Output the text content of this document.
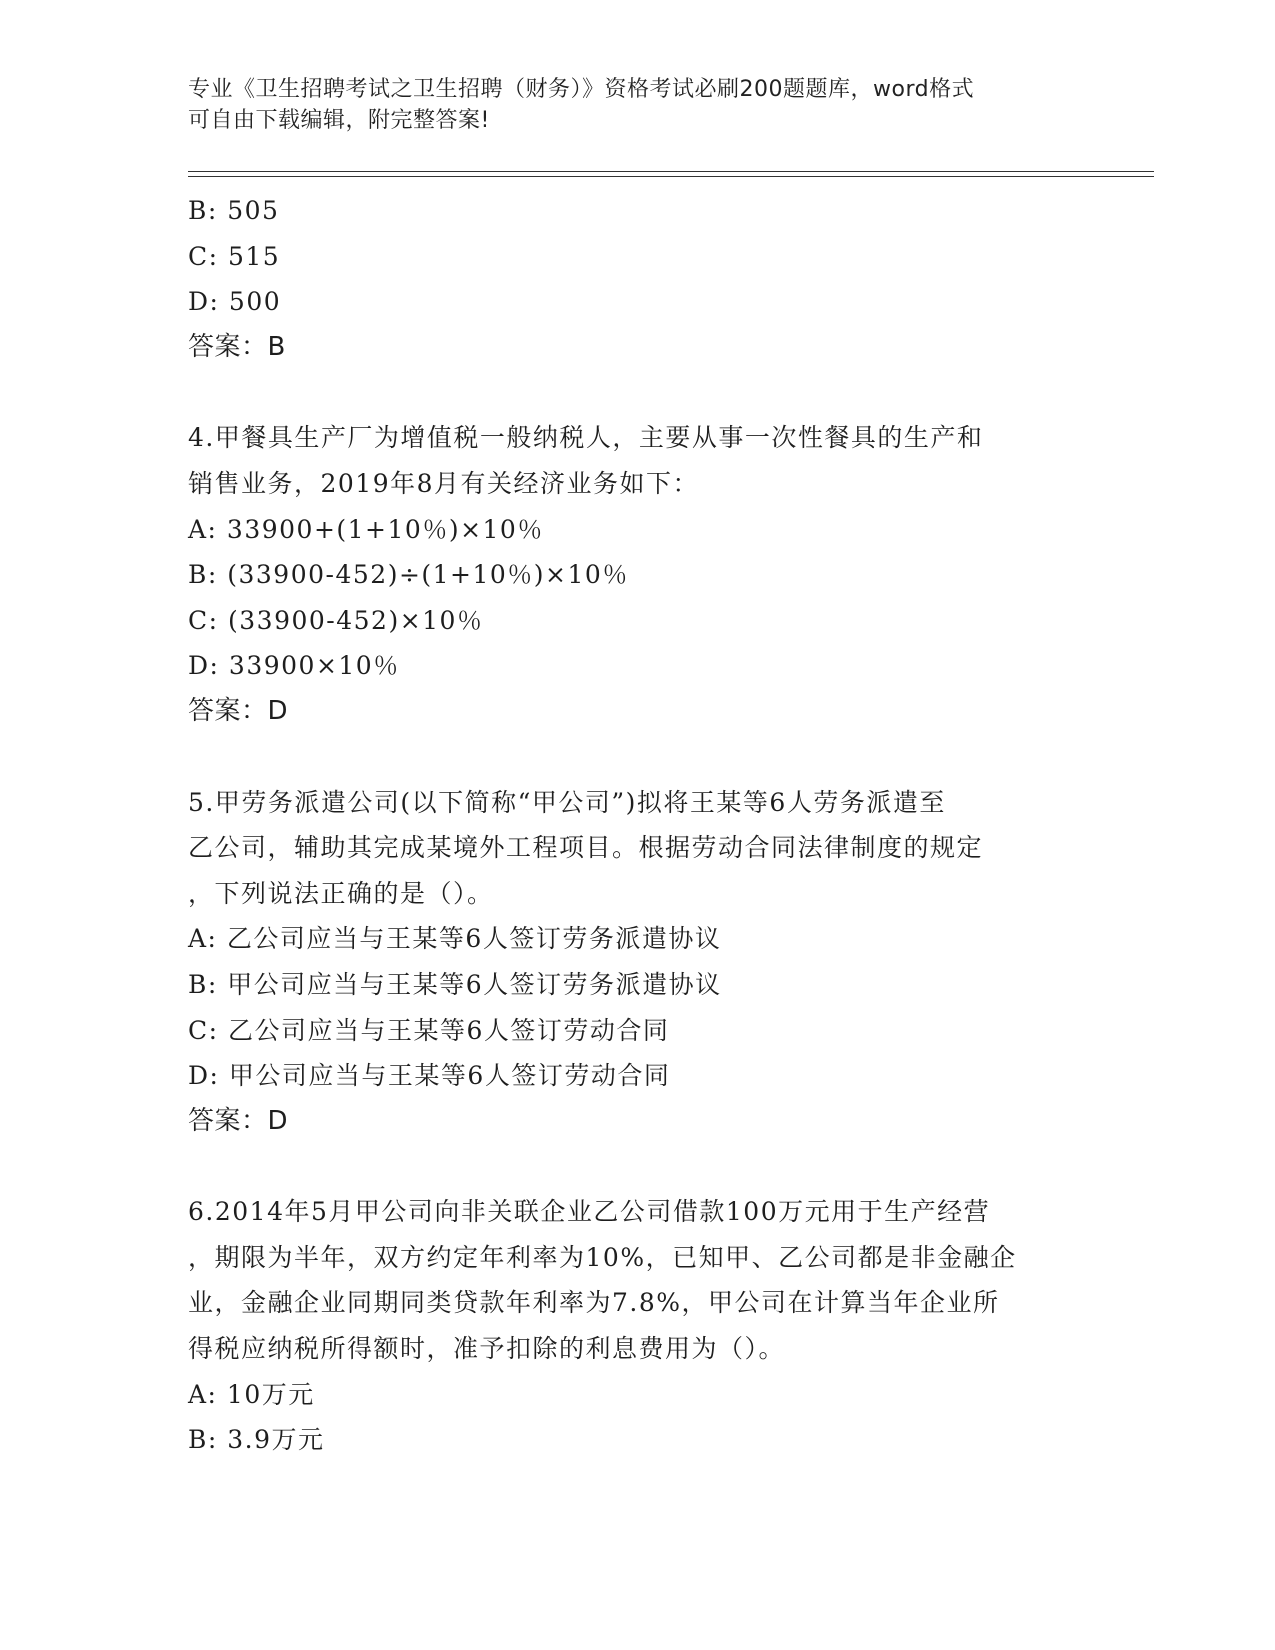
专业《卫生招聘考试之卫生招聘（财务）》资格考试必刷200题题库，word格式
可自由下载编辑，附完整答案!
B: 505
C: 515
D: 500
答案：B
4.甲餐具生产厂为增值税一般纳税人，主要从事一次性餐具的生产和
销售业务，2019年8月有关经济业务如下：
A: 33900+(1+10％)×10％
B: (33900-452)÷(1+10％)×10％
C: (33900-452)×10％
D: 33900×10％
答案：D
5.甲劳务派遣公司(以下简称“甲公司”)拟将王某等6人劳务派遣至
乙公司，辅助其完成某境外工程项目。根据劳动合同法律制度的规定
，下列说法正确的是（）。
A: 乙公司应当与王某等6人签订劳务派遣协议
B: 甲公司应当与王某等6人签订劳务派遣协议
C: 乙公司应当与王某等6人签订劳动合同
D: 甲公司应当与王某等6人签订劳动合同
答案：D
6.2014年5月甲公司向非关联企业乙公司借款100万元用于生产经营
，期限为半年，双方约定年利率为10%，已知甲、乙公司都是非金融企
业，金融企业同期同类贷款年利率为7.8%，甲公司在计算当年企业所
得税应纳税所得额时，准予扣除的利息费用为（）。
A: 10万元
B: 3.9万元
